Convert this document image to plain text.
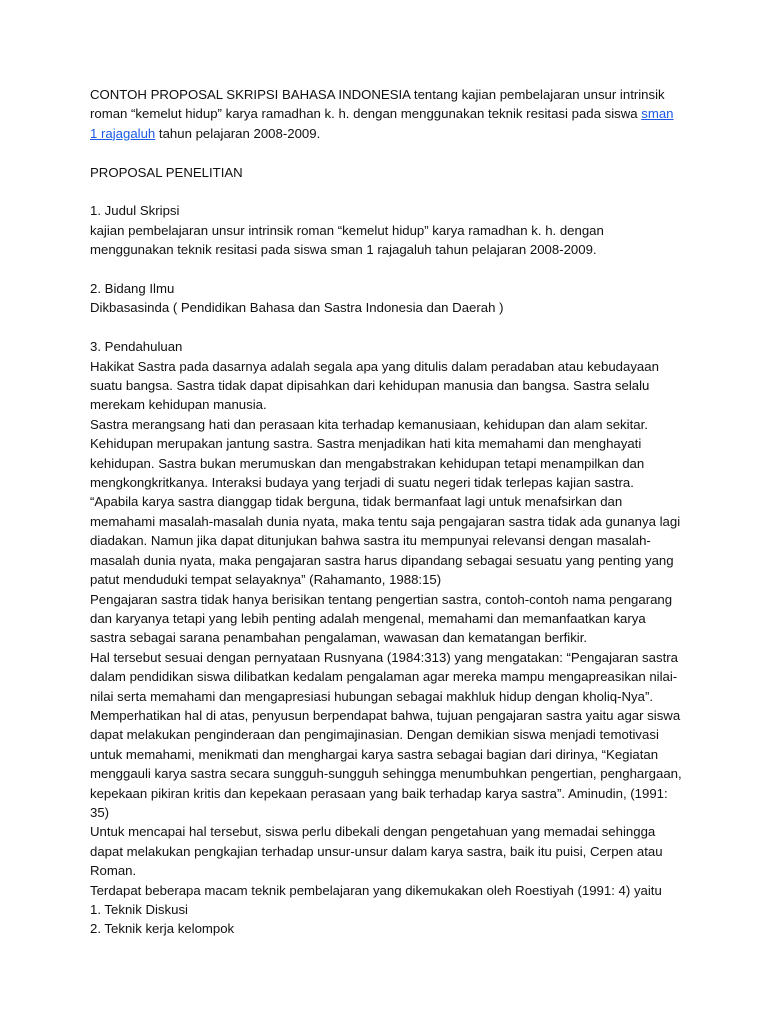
CONTOH PROPOSAL SKRIPSI BAHASA INDONESIA tentang kajian pembelajaran unsur intrinsik roman “kemelut hidup” karya ramadhan k. h. dengan menggunakan teknik resitasi pada siswa sman 1 rajagaluh tahun pelajaran 2008-2009.

PROPOSAL PENELITIAN

1. Judul Skripsi

kajian pembelajaran unsur intrinsik roman “kemelut hidup” karya ramadhan k. h. dengan menggunakan teknik resitasi pada siswa sman 1 rajagaluh tahun pelajaran 2008-2009.

2. Bidang Ilmu

Dikbasasinda ( Pendidikan Bahasa dan Sastra Indonesia dan Daerah )

3. Pendahuluan

Hakikat Sastra pada dasarnya adalah segala apa yang ditulis dalam peradaban atau kebudayaan suatu bangsa. Sastra tidak dapat dipisahkan dari kehidupan manusia dan bangsa. Sastra selalu merekam kehidupan manusia.

Sastra merangsang hati dan perasaan kita terhadap kemanusiaan, kehidupan dan alam sekitar. Kehidupan merupakan jantung sastra. Sastra menjadikan hati kita memahami dan menghayati kehidupan. Sastra bukan merumuskan dan mengabstrakan kehidupan tetapi menampilkan dan mengkongkritkanya. Interaksi budaya yang terjadi di suatu negeri tidak terlepas kajian sastra.

“Apabila karya sastra dianggap tidak berguna, tidak bermanfaat lagi untuk menafsirkan dan memahami masalah-masalah dunia nyata, maka tentu saja pengajaran sastra tidak ada gunanya lagi diadakan. Namun jika dapat ditunjukan bahwa sastra itu mempunyai relevansi dengan masalah-masalah dunia nyata, maka pengajaran sastra harus dipandang sebagai sesuatu yang penting yang patut menduduki tempat selayaknya” (Rahamanto, 1988:15)

Pengajaran sastra tidak hanya berisikan tentang pengertian sastra, contoh-contoh nama pengarang dan karyanya tetapi yang lebih penting adalah mengenal, memahami dan memanfaatkan karya sastra sebagai sarana penambahan pengalaman, wawasan dan kematangan berfikir.

Hal tersebut sesuai dengan pernyataan Rusnyana (1984:313) yang mengatakan: “Pengajaran sastra dalam pendidikan siswa dilibatkan kedalam pengalaman agar mereka mampu mengapreasikan nilai-nilai serta memahami dan mengapresiasi hubungan sebagai makhluk hidup dengan kholiq-Nya”.

Memperhatikan hal di atas, penyusun berpendapat bahwa, tujuan pengajaran sastra yaitu agar siswa dapat melakukan penginderaan dan pengimajinasian. Dengan demikian siswa menjadi temotivasi untuk memahami, menikmati dan menghargai karya sastra sebagai bagian dari dirinya, “Kegiatan menggauli karya sastra secara sungguh-sungguh sehingga menumbuhkan pengertian, penghargaan, kepekaan pikiran kritis dan kepekaan perasaan yang baik terhadap karya sastra”. Aminudin, (1991: 35)

Untuk mencapai hal tersebut, siswa perlu dibekali dengan pengetahuan yang memadai sehingga dapat melakukan pengkajian terhadap unsur-unsur dalam karya sastra, baik itu puisi, Cerpen atau Roman.

Terdapat beberapa macam teknik pembelajaran yang dikemukakan oleh Roestiyah (1991: 4) yaitu

1. Teknik Diskusi

2. Teknik kerja kelompok
